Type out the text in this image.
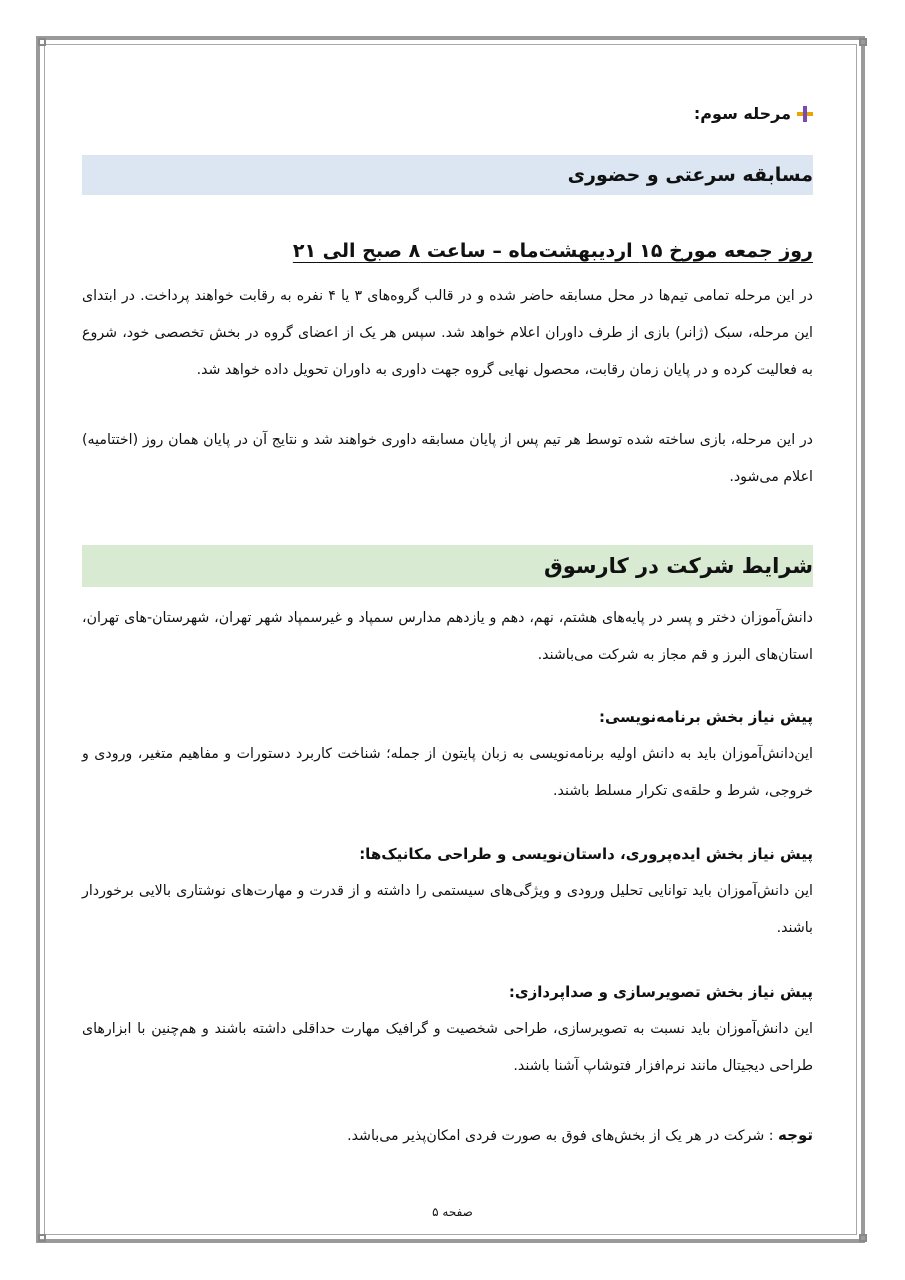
مرحله سوم:
مسابقه سرعتی و حضوری
روز جمعه مورخ ۱۵ اردیبهشت‌ماه – ساعت ۸ صبح الی ۲۱
در این مرحله تمامی تیم‌ها در محل مسابقه حاضر شده و در قالب گروه‌های ۳ یا ۴ نفره به رقابت خواهند پرداخت. در ابتدای این مرحله، سبک (ژانر) بازی از طرف داوران اعلام خواهد شد. سپس هر یک از اعضای گروه در بخش تخصصی خود، شروع به فعالیت کرده و در پایان زمان رقابت، محصول نهایی گروه جهت داوری به داوران تحویل داده خواهد شد.
در این مرحله، بازی ساخته شده توسط هر تیم پس از پایان مسابقه داوری خواهند شد و نتایج آن در پایان همان روز (اختتامیه) اعلام می‌شود.
شرایط شرکت در کارسوق
دانش‌آموزان دختر و پسر در پایه‌های هشتم، نهم، دهم و یازدهم مدارس سمپاد و غیرسمپاد شهر تهران، شهرستان-های تهران، استان‌های البرز و قم مجاز به شرکت می‌باشند.
پیش نیاز بخش برنامه‌نویسی:
این‌دانش‌آموزان باید به دانش اولیه برنامه‌نویسی به زبان پایتون از جمله؛ شناخت کاربرد دستورات و مفاهیم متغیر، ورودی و خروجی، شرط و حلقه‌ی تکرار مسلط باشند.
پیش نیاز بخش ایده‌پروری، داستان‌نویسی و طراحی مکانیک‌ها:
این دانش‌آموزان باید توانایی تحلیل ورودی و ویژگی‌های سیستمی را داشته و از قدرت و مهارت‌های نوشتاری بالایی برخوردار باشند.
پیش نیاز بخش تصویرسازی و صداپردازی:
این دانش‌آموزان باید نسبت به تصویرسازی، طراحی شخصیت و گرافیک مهارت حداقلی داشته باشند و هم‌چنین با ابزارهای طراحی دیجیتال مانند نرم‌افزار فتوشاپ آشنا باشند.
توجه : شرکت در هر یک از بخش‌های فوق به صورت فردی امکان‌پذیر می‌باشد.
صفحه ۵
